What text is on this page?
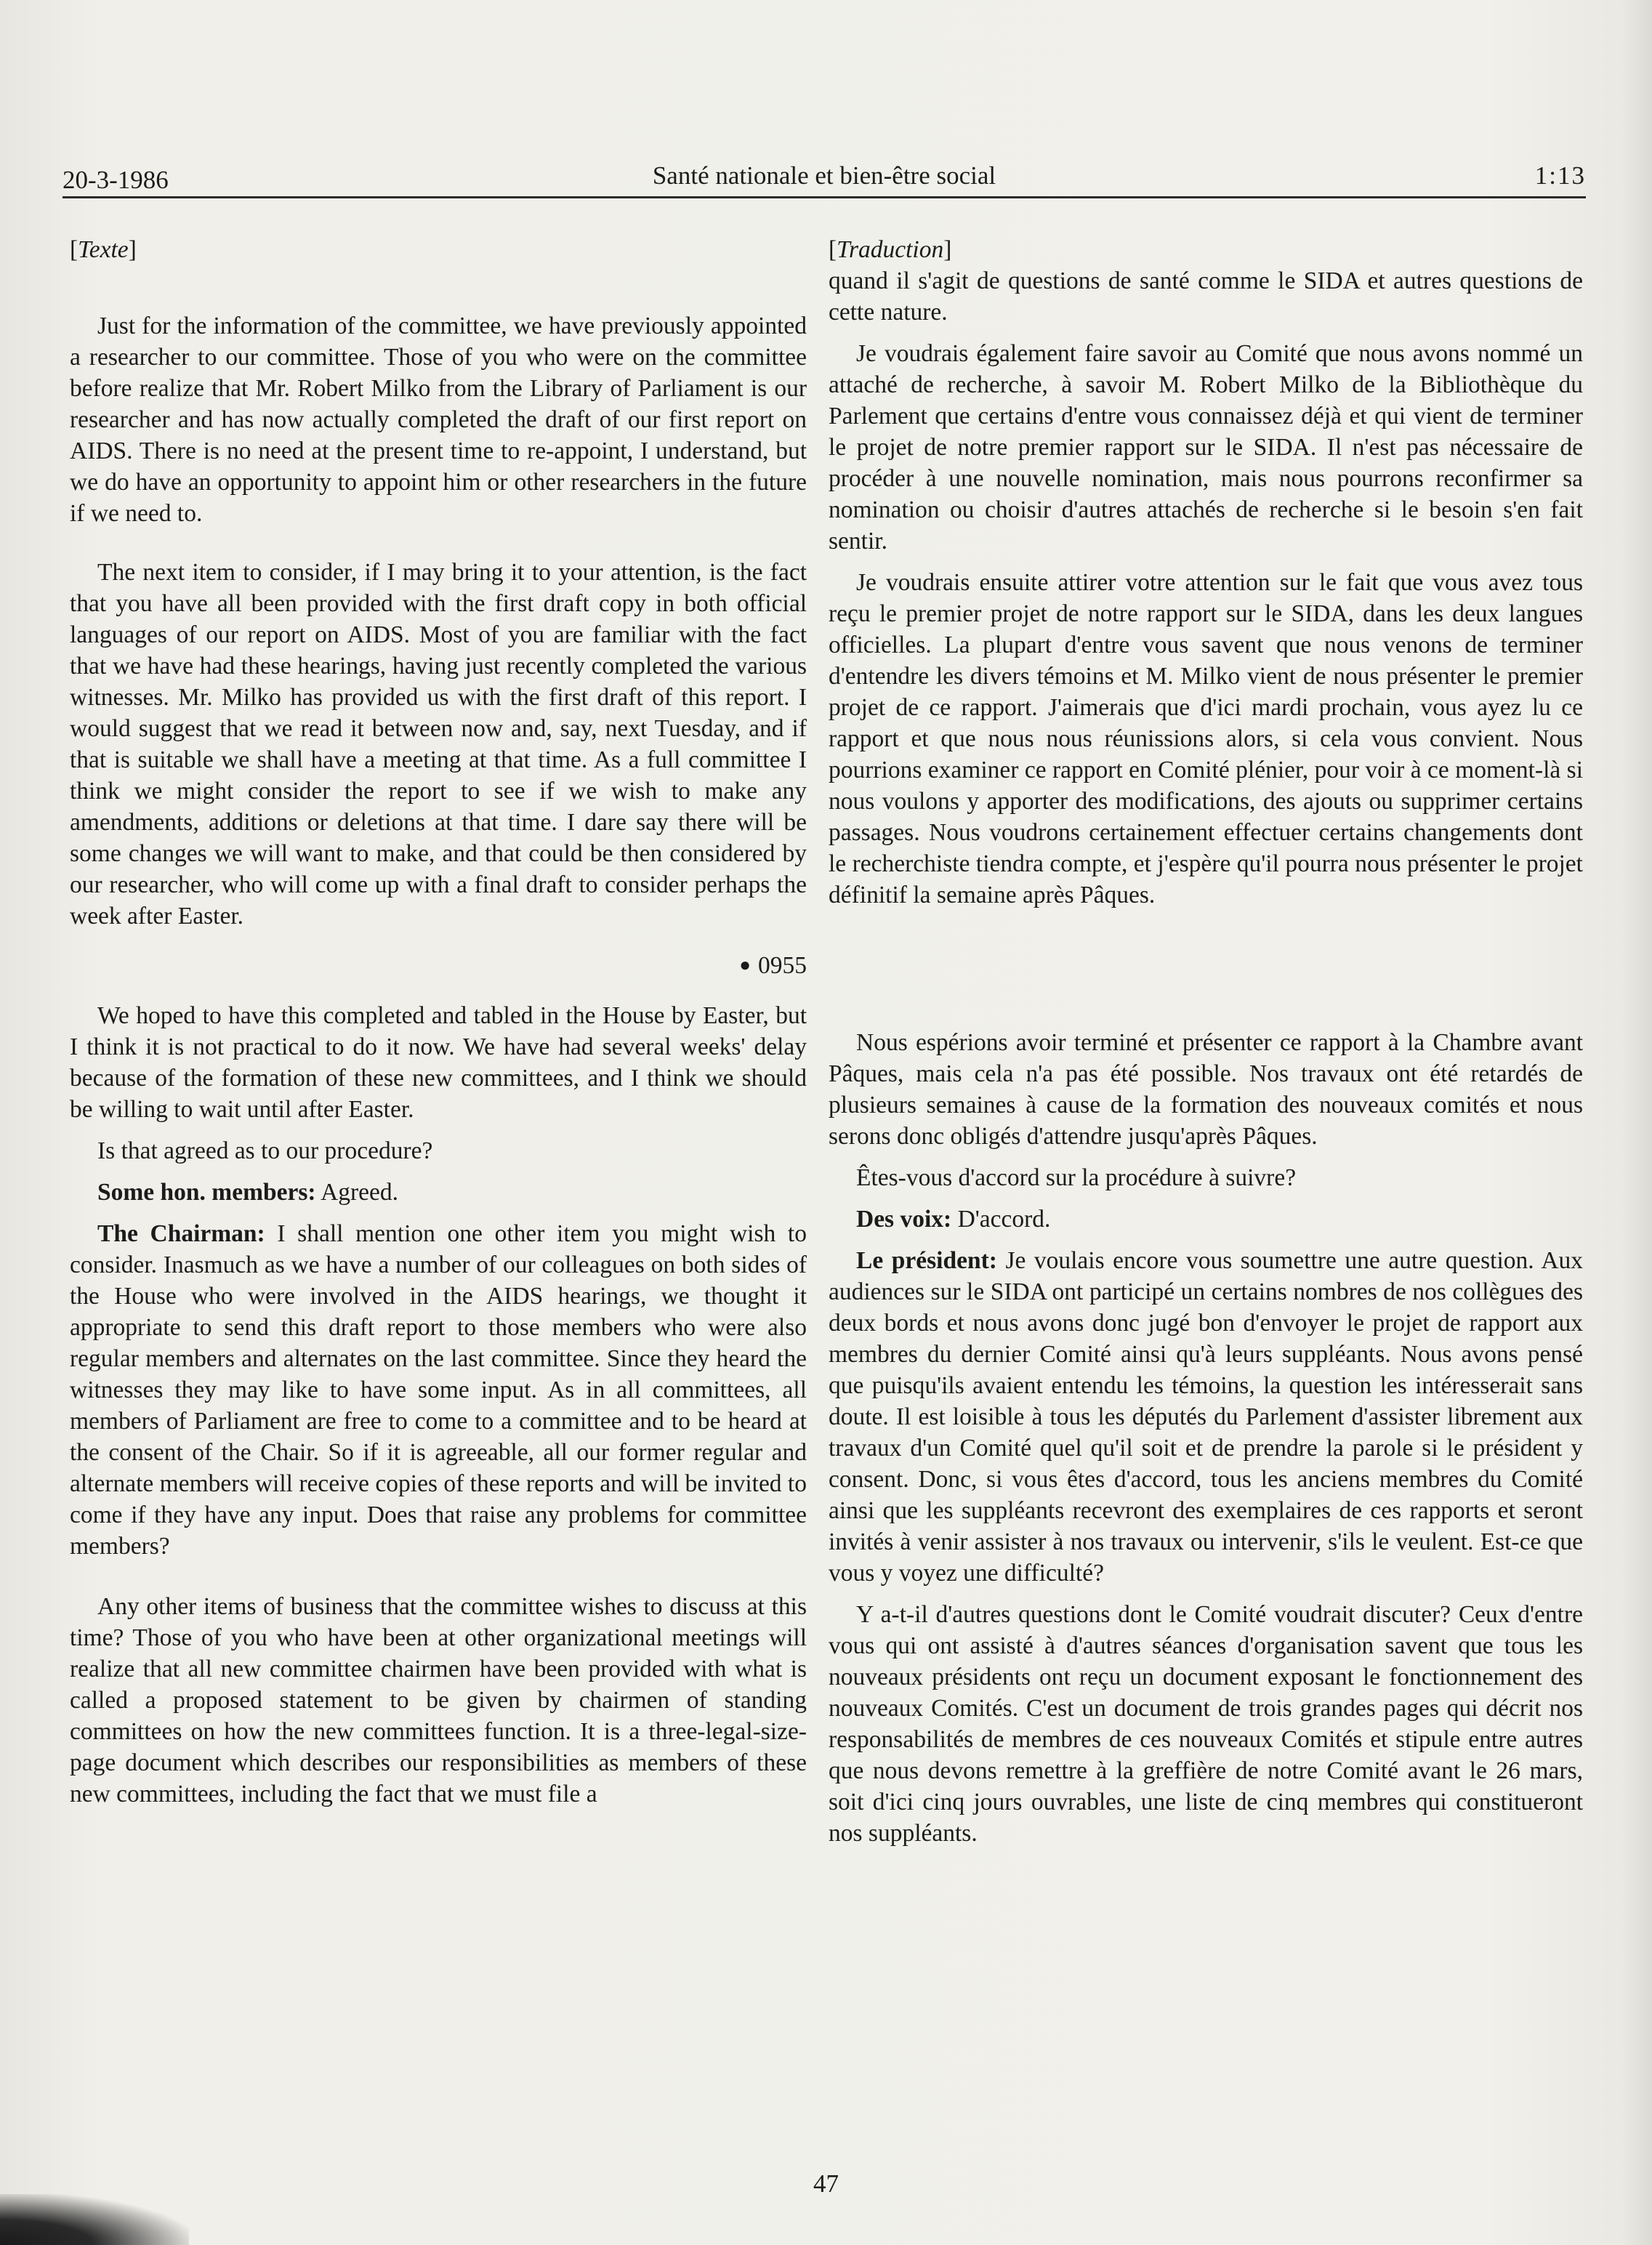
20-3-1986	Santé nationale et bien-être social	1:13

[Texte]

Just for the information of the committee, we have previously appointed a researcher to our committee. Those of you who were on the committee before realize that Mr. Robert Milko from the Library of Parliament is our researcher and has now actually completed the draft of our first report on AIDS. There is no need at the present time to re-appoint, I understand, but we do have an opportunity to appoint him or other researchers in the future if we need to.

The next item to consider, if I may bring it to your attention, is the fact that you have all been provided with the first draft copy in both official languages of our report on AIDS. Most of you are familiar with the fact that we have had these hearings, having just recently completed the various witnesses. Mr. Milko has provided us with the first draft of this report. I would suggest that we read it between now and, say, next Tuesday, and if that is suitable we shall have a meeting at that time. As a full committee I think we might consider the report to see if we wish to make any amendments, additions or deletions at that time. I dare say there will be some changes we will want to make, and that could be then considered by our researcher, who will come up with a final draft to consider perhaps the week after Easter.

● 0955

We hoped to have this completed and tabled in the House by Easter, but I think it is not practical to do it now. We have had several weeks' delay because of the formation of these new committees, and I think we should be willing to wait until after Easter.

Is that agreed as to our procedure?

Some hon. members: Agreed.

The Chairman: I shall mention one other item you might wish to consider. Inasmuch as we have a number of our colleagues on both sides of the House who were involved in the AIDS hearings, we thought it appropriate to send this draft report to those members who were also regular members and alternates on the last committee. Since they heard the witnesses they may like to have some input. As in all committees, all members of Parliament are free to come to a committee and to be heard at the consent of the Chair. So if it is agreeable, all our former regular and alternate members will receive copies of these reports and will be invited to come if they have any input. Does that raise any problems for committee members?

Any other items of business that the committee wishes to discuss at this time? Those of you who have been at other organizational meetings will realize that all new committee chairmen have been provided with what is called a proposed statement to be given by chairmen of standing committees on how the new committees function. It is a three-legal-size-page document which describes our responsibilities as members of these new committees, including the fact that we must file a

[Traduction]

quand il s'agit de questions de santé comme le SIDA et autres questions de cette nature.

Je voudrais également faire savoir au Comité que nous avons nommé un attaché de recherche, à savoir M. Robert Milko de la Bibliothèque du Parlement que certains d'entre vous connaissez déjà et qui vient de terminer le projet de notre premier rapport sur le SIDA. Il n'est pas nécessaire de procéder à une nouvelle nomination, mais nous pourrons reconfirmer sa nomination ou choisir d'autres attachés de recherche si le besoin s'en fait sentir.

Je voudrais ensuite attirer votre attention sur le fait que vous avez tous reçu le premier projet de notre rapport sur le SIDA, dans les deux langues officielles. La plupart d'entre vous savent que nous venons de terminer d'entendre les divers témoins et M. Milko vient de nous présenter le premier projet de ce rapport. J'aimerais que d'ici mardi prochain, vous ayez lu ce rapport et que nous nous réunissions alors, si cela vous convient. Nous pourrions examiner ce rapport en Comité plénier, pour voir à ce moment-là si nous voulons y apporter des modifications, des ajouts ou supprimer certains passages. Nous voudrons certainement effectuer certains changements dont le recherchiste tiendra compte, et j'espère qu'il pourra nous présenter le projet définitif la semaine après Pâques.

Nous espérions avoir terminé et présenter ce rapport à la Chambre avant Pâques, mais cela n'a pas été possible. Nos travaux ont été retardés de plusieurs semaines à cause de la formation des nouveaux comités et nous serons donc obligés d'attendre jusqu'après Pâques.

Êtes-vous d'accord sur la procédure à suivre?

Des voix: D'accord.

Le président: Je voulais encore vous soumettre une autre question. Aux audiences sur le SIDA ont participé un certains nombres de nos collègues des deux bords et nous avons donc jugé bon d'envoyer le projet de rapport aux membres du dernier Comité ainsi qu'à leurs suppléants. Nous avons pensé que puisqu'ils avaient entendu les témoins, la question les intéresserait sans doute. Il est loisible à tous les députés du Parlement d'assister librement aux travaux d'un Comité quel qu'il soit et de prendre la parole si le président y consent. Donc, si vous êtes d'accord, tous les anciens membres du Comité ainsi que les suppléants recevront des exemplaires de ces rapports et seront invités à venir assister à nos travaux ou intervenir, s'ils le veulent. Est-ce que vous y voyez une difficulté?

Y a-t-il d'autres questions dont le Comité voudrait discuter? Ceux d'entre vous qui ont assisté à d'autres séances d'organisation savent que tous les nouveaux présidents ont reçu un document exposant le fonctionnement des nouveaux Comités. C'est un document de trois grandes pages qui décrit nos responsabilités de membres de ces nouveaux Comités et stipule entre autres que nous devons remettre à la greffière de notre Comité avant le 26 mars, soit d'ici cinq jours ouvrables, une liste de cinq membres qui constitueront nos suppléants.

47
